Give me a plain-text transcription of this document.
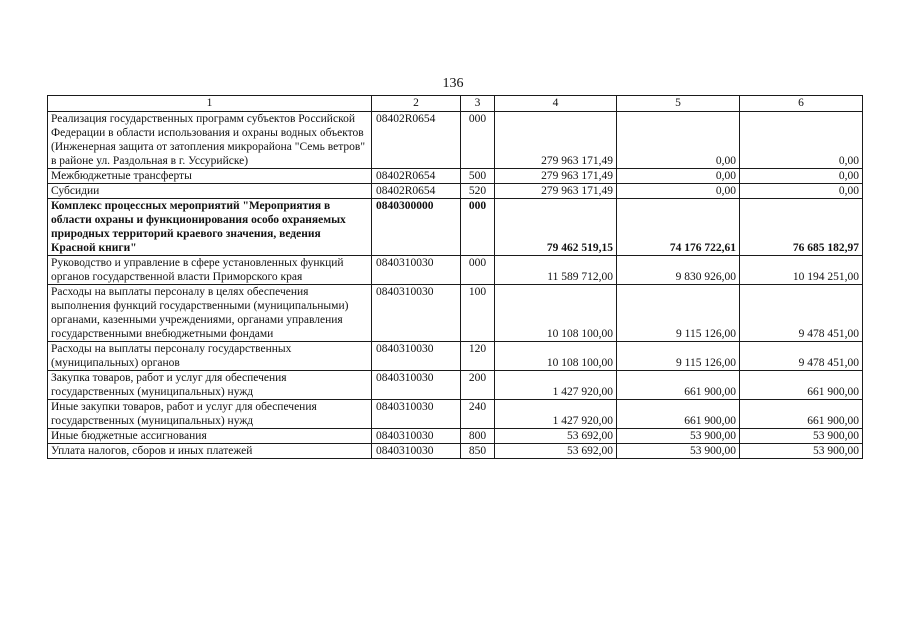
136
1	2	3	4	5	6
Реализация государственных программ субъектов Российской Федерации в области использования и охраны водных объектов (Инженерная защита от затопления микрорайона "Семь ветров" в районе ул. Раздольная в г. Уссурийске)	08402R0654	000	279 963 171,49	0,00	0,00
Межбюджетные трансферты	08402R0654	500	279 963 171,49	0,00	0,00
Субсидии	08402R0654	520	279 963 171,49	0,00	0,00
Комплекс процессных мероприятий "Мероприятия в области охраны и функционирования особо охраняемых природных территорий краевого значения, ведения Красной книги"	0840300000	000	79 462 519,15	74 176 722,61	76 685 182,97
Руководство и управление в сфере установленных функций органов государственной власти Приморского края	0840310030	000	11 589 712,00	9 830 926,00	10 194 251,00
Расходы на выплаты персоналу в целях обеспечения выполнения функций государственными (муниципальными) органами, казенными учреждениями, органами управления государственными внебюджетными фондами	0840310030	100	10 108 100,00	9 115 126,00	9 478 451,00
Расходы на выплаты персоналу государственных (муниципальных) органов	0840310030	120	10 108 100,00	9 115 126,00	9 478 451,00
Закупка товаров, работ и услуг для обеспечения государственных (муниципальных) нужд	0840310030	200	1 427 920,00	661 900,00	661 900,00
Иные закупки товаров, работ и услуг для обеспечения государственных (муниципальных) нужд	0840310030	240	1 427 920,00	661 900,00	661 900,00
Иные бюджетные ассигнования	0840310030	800	53 692,00	53 900,00	53 900,00
Уплата налогов, сборов и иных платежей	0840310030	850	53 692,00	53 900,00	53 900,00
